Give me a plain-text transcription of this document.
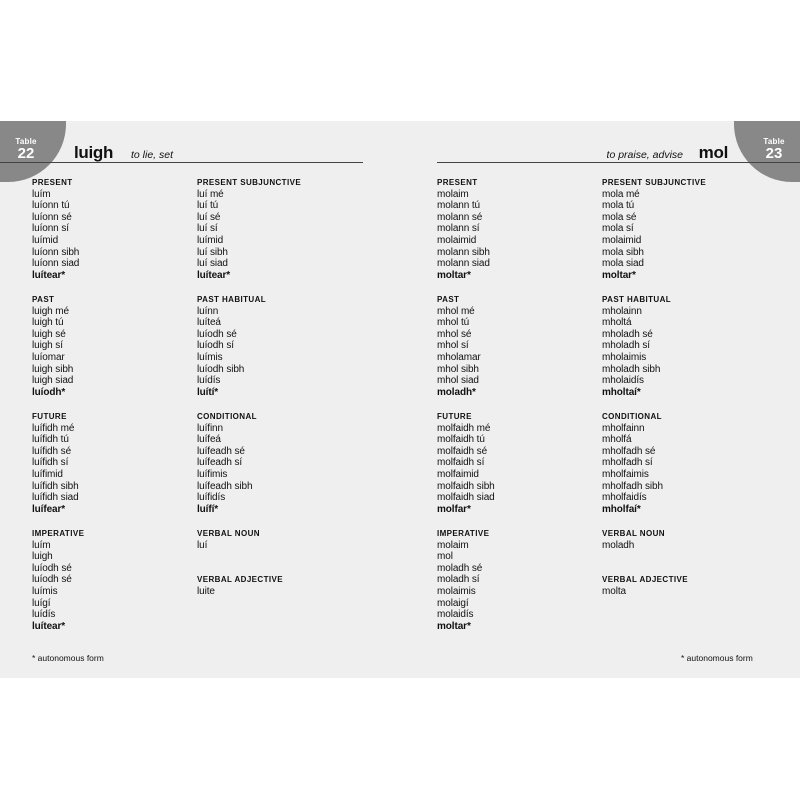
Table
22	luigh to lie, set
PRESENT
luím
luíonn tú
luíonn sé
luíonn sí
luímid
luíonn sibh
luíonn siad
luítear*
PAST
luigh mé
luigh tú
luigh sé
luigh sí
luíomar
luigh sibh
luigh siad
luíodh*
FUTURE
luífidh mé
luífidh tú
luífidh sé
luífidh sí
luífimid
luífidh sibh
luífidh siad
luífear*
IMPERATIVE
luím
luigh
luíodh sé
luíodh sé
luímis
luígí
luídís
luítear*
PRESENT SUBJUNCTIVE
luí mé
luí tú
luí sé
luí sí
luímid
luí sibh
luí siad
luítear*
PAST HABITUAL
luínn
luíteá
luíodh sé
luíodh sí
luímis
luíodh sibh
luídís
luítí*
CONDITIONAL
luífinn
luífeá
luífeadh sé
luífeadh sí
luífimis
luífeadh sibh
luífidís
luífí*
VERBAL NOUN
luí
VERBAL ADJECTIVE
luite
* autonomous form
Table
23
to praise, advise mol
PRESENT
molaim
molann tú
molann sé
molann sí
molaimid
molann sibh
molann siad
moltar*
PAST
mhol mé
mhol tú
mhol sé
mhol sí
mholamar
mhol sibh
mhol siad
moladh*
FUTURE
molfaidh mé
molfaidh tú
molfaidh sé
molfaidh sí
molfaimid
molfaidh sibh
molfaidh siad
molfar*
IMPERATIVE
molaim
mol
moladh sé
moladh sí
molaimis
molaigí
molaidís
moltar*
PRESENT SUBJUNCTIVE
mola mé
mola tú
mola sé
mola sí
molaimid
mola sibh
mola siad
moltar*
PAST HABITUAL
mholainn
mholtá
mholadh sé
mholadh sí
mholaimis
mholadh sibh
mholaidís
mholtaí*
CONDITIONAL
mholfainn
mholfá
mholfadh sé
mholfadh sí
mholfaimis
mholfadh sibh
mholfaidís
mholfaí*
VERBAL NOUN
moladh
VERBAL ADJECTIVE
molta
* autonomous form
